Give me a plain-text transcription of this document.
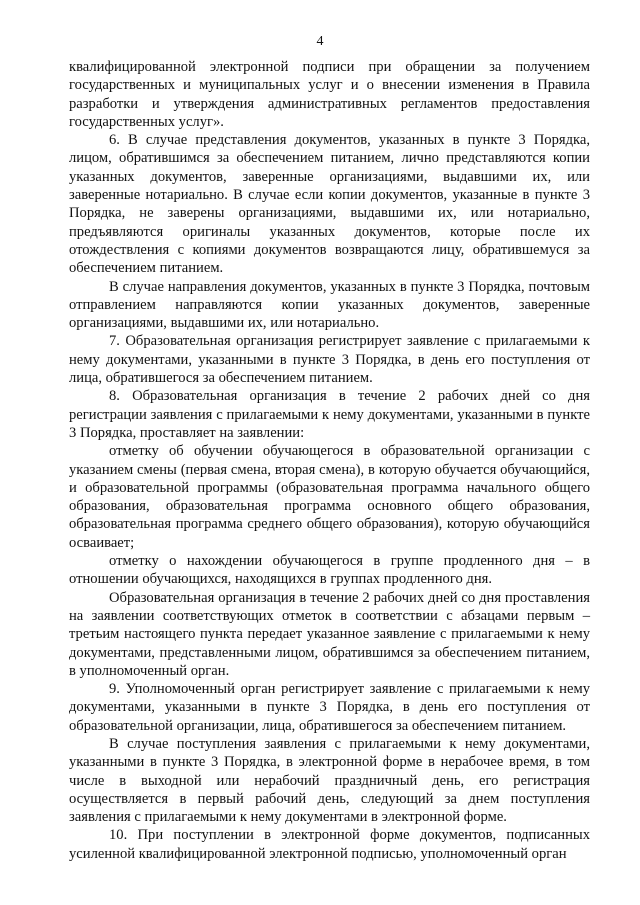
4

квалифицированной электронной подписи при обращении за получением государственных и муниципальных услуг и о внесении изменения в Правила разработки и утверждения административных регламентов предоставления государственных услуг».

6. В случае представления документов, указанных в пункте 3 Порядка, лицом, обратившимся за обеспечением питанием, лично представляются копии указанных документов, заверенные организациями, выдавшими их, или заверенные нотариально. В случае если копии документов, указанные в пункте 3 Порядка, не заверены организациями, выдавшими их, или нотариально, предъявляются оригиналы указанных документов, которые после их отождествления с копиями документов возвращаются лицу, обратившемуся за обеспечением питанием.

В случае направления документов, указанных в пункте 3 Порядка, почтовым отправлением направляются копии указанных документов, заверенные организациями, выдавшими их, или нотариально.

7. Образовательная организация регистрирует заявление с прилагаемыми к нему документами, указанными в пункте 3 Порядка, в день его поступления от лица, обратившегося за обеспечением питанием.

8. Образовательная организация в течение 2 рабочих дней со дня регистрации заявления с прилагаемыми к нему документами, указанными в пункте 3 Порядка, проставляет на заявлении:

отметку об обучении обучающегося в образовательной организации с указанием смены (первая смена, вторая смена), в которую обучается обучающийся, и образовательной программы (образовательная программа начального общего образования, образовательная программа основного общего образования, образовательная программа среднего общего образования), которую обучающийся осваивает;

отметку о нахождении обучающегося в группе продленного дня – в отношении обучающихся, находящихся в группах продленного дня.

Образовательная организация в течение 2 рабочих дней со дня проставления на заявлении соответствующих отметок в соответствии с абзацами первым – третьим настоящего пункта передает указанное заявление с прилагаемыми к нему документами, представленными лицом, обратившимся за обеспечением питанием, в уполномоченный орган.

9. Уполномоченный орган регистрирует заявление с прилагаемыми к нему документами, указанными в пункте 3 Порядка, в день его поступления от образовательной организации, лица, обратившегося за обеспечением питанием.

В случае поступления заявления с прилагаемыми к нему документами, указанными в пункте 3 Порядка, в электронной форме в нерабочее время, в том числе в выходной или нерабочий праздничный день, его регистрация осуществляется в первый рабочий день, следующий за днем поступления заявления с прилагаемыми к нему документами в электронной форме.

10. При поступлении в электронной форме документов, подписанных усиленной квалифицированной электронной подписью, уполномоченный орган
